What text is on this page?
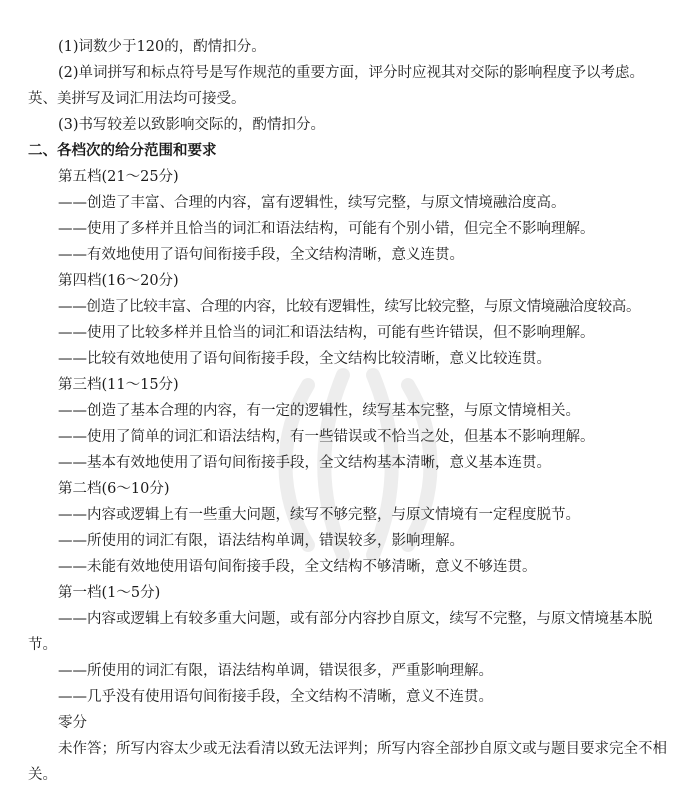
(1)词数少于120的，酌情扣分。
(2)单词拼写和标点符号是写作规范的重要方面，评分时应视其对交际的影响程度予以考虑。英、美拼写及词汇用法均可接受。
(3)书写较差以致影响交际的，酌情扣分。
二、各档次的给分范围和要求
第五档(21～25分)
——创造了丰富、合理的内容，富有逻辑性，续写完整，与原文情境融洽度高。
——使用了多样并且恰当的词汇和语法结构，可能有个别小错，但完全不影响理解。
——有效地使用了语句间衔接手段，全文结构清晰，意义连贯。
第四档(16～20分)
——创造了比较丰富、合理的内容，比较有逻辑性，续写比较完整，与原文情境融洽度较高。
——使用了比较多样并且恰当的词汇和语法结构，可能有些许错误，但不影响理解。
——比较有效地使用了语句间衔接手段，全文结构比较清晰，意义比较连贯。
第三档(11～15分)
——创造了基本合理的内容，有一定的逻辑性，续写基本完整，与原文情境相关。
——使用了简单的词汇和语法结构，有一些错误或不恰当之处，但基本不影响理解。
——基本有效地使用了语句间衔接手段，全文结构基本清晰，意义基本连贯。
第二档(6～10分)
——内容或逻辑上有一些重大问题，续写不够完整，与原文情境有一定程度脱节。
——所使用的词汇有限，语法结构单调，错误较多，影响理解。
——未能有效地使用语句间衔接手段，全文结构不够清晰，意义不够连贯。
第一档(1～5分)
——内容或逻辑上有较多重大问题，或有部分内容抄自原文，续写不完整，与原文情境基本脱节。
——所使用的词汇有限，语法结构单调，错误很多，严重影响理解。
——几乎没有使用语句间衔接手段，全文结构不清晰，意义不连贯。
零分
未作答；所写内容太少或无法看清以致无法评判；所写内容全部抄自原文或与题目要求完全不相关。
